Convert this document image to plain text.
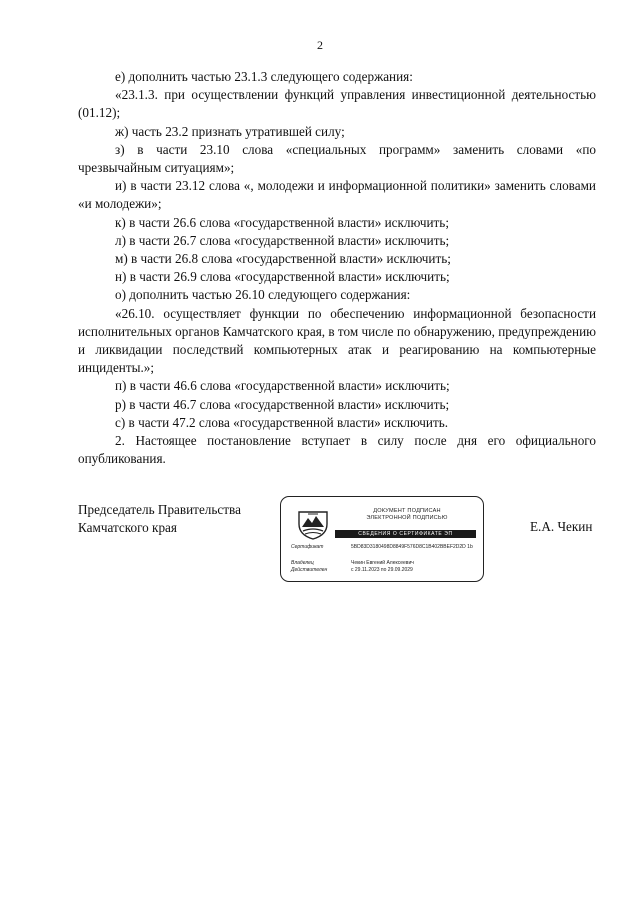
2

е) дополнить частью 23.1.3 следующего содержания:

«23.1.3. при осуществлении функций управления инвестиционной деятельностью (01.12);

ж) часть 23.2 признать утратившей силу;

з) в части 23.10 слова «специальных программ» заменить словами «по чрезвычайным ситуациям»;

и) в части 23.12 слова «, молодежи и информационной политики» заменить словами «и молодежи»;

к) в части 26.6 слова «государственной власти» исключить;

л) в части 26.7 слова «государственной власти» исключить;

м) в части 26.8 слова «государственной власти» исключить;

н) в части 26.9 слова «государственной власти» исключить;

о) дополнить частью 26.10 следующего содержания:

«26.10. осуществляет функции по обеспечению информационной безопасности исполнительных органов Камчатского края, в том числе по обнаружению, предупреждению и ликвидации последствий компьютерных атак и реагированию на компьютерные инциденты.»;

п) в части 46.6 слова «государственной власти» исключить;

р) в части 46.7 слова «государственной власти» исключить;

с) в части 47.2 слова «государственной власти» исключить.

2. Настоящее постановление вступает в силу после дня его официального опубликования.

Председатель Правительства
Камчатского края
ДОКУМЕНТ ПОДПИСАН
ЭЛЕКТРОННОЙ ПОДПИСЬЮ
СВЕДЕНИЯ О СЕРТИФИКАТЕ ЭП
Сертификат	5BD83D3180498D8849F576D8C1B402BBEF2D2D 1b
Владелец	Чекин Евгений Алексеевич
Действителен	с 29.11.2023 по 29.09.2029
Е.А. Чекин
